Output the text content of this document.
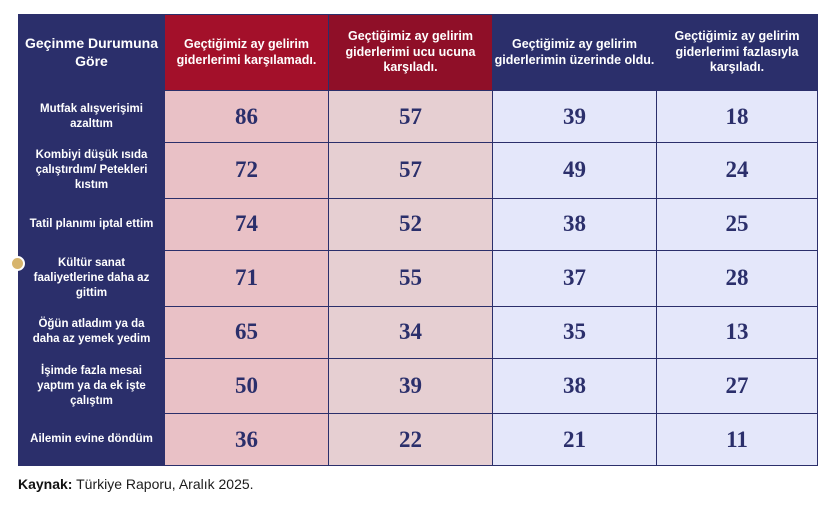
Geçinme Durumuna Göre	Geçtiğimiz ay gelirim giderlerimi karşılamadı.	Geçtiğimiz ay gelirim giderlerimi ucu ucuna karşıladı.	Geçtiğimiz ay gelirim giderlerimin üzerinde oldu.	Geçtiğimiz ay gelirim giderlerimi fazlasıyla karşıladı.
Mutfak alışverişimi azalttım	86	57	39	18
Kombiyi düşük ısıda çalıştırdım/ Petekleri kıstım	72	57	49	24
Tatil planımı iptal ettim	74	52	38	25
Kültür sanat faaliyetlerine daha az gittim	71	55	37	28
Öğün atladım ya da daha az yemek yedim	65	34	35	13
İşimde fazla mesai yaptım ya da ek işte çalıştım	50	39	38	27
Ailemin evine döndüm	36	22	21	11
Kaynak: Türkiye Raporu, Aralık 2025.
